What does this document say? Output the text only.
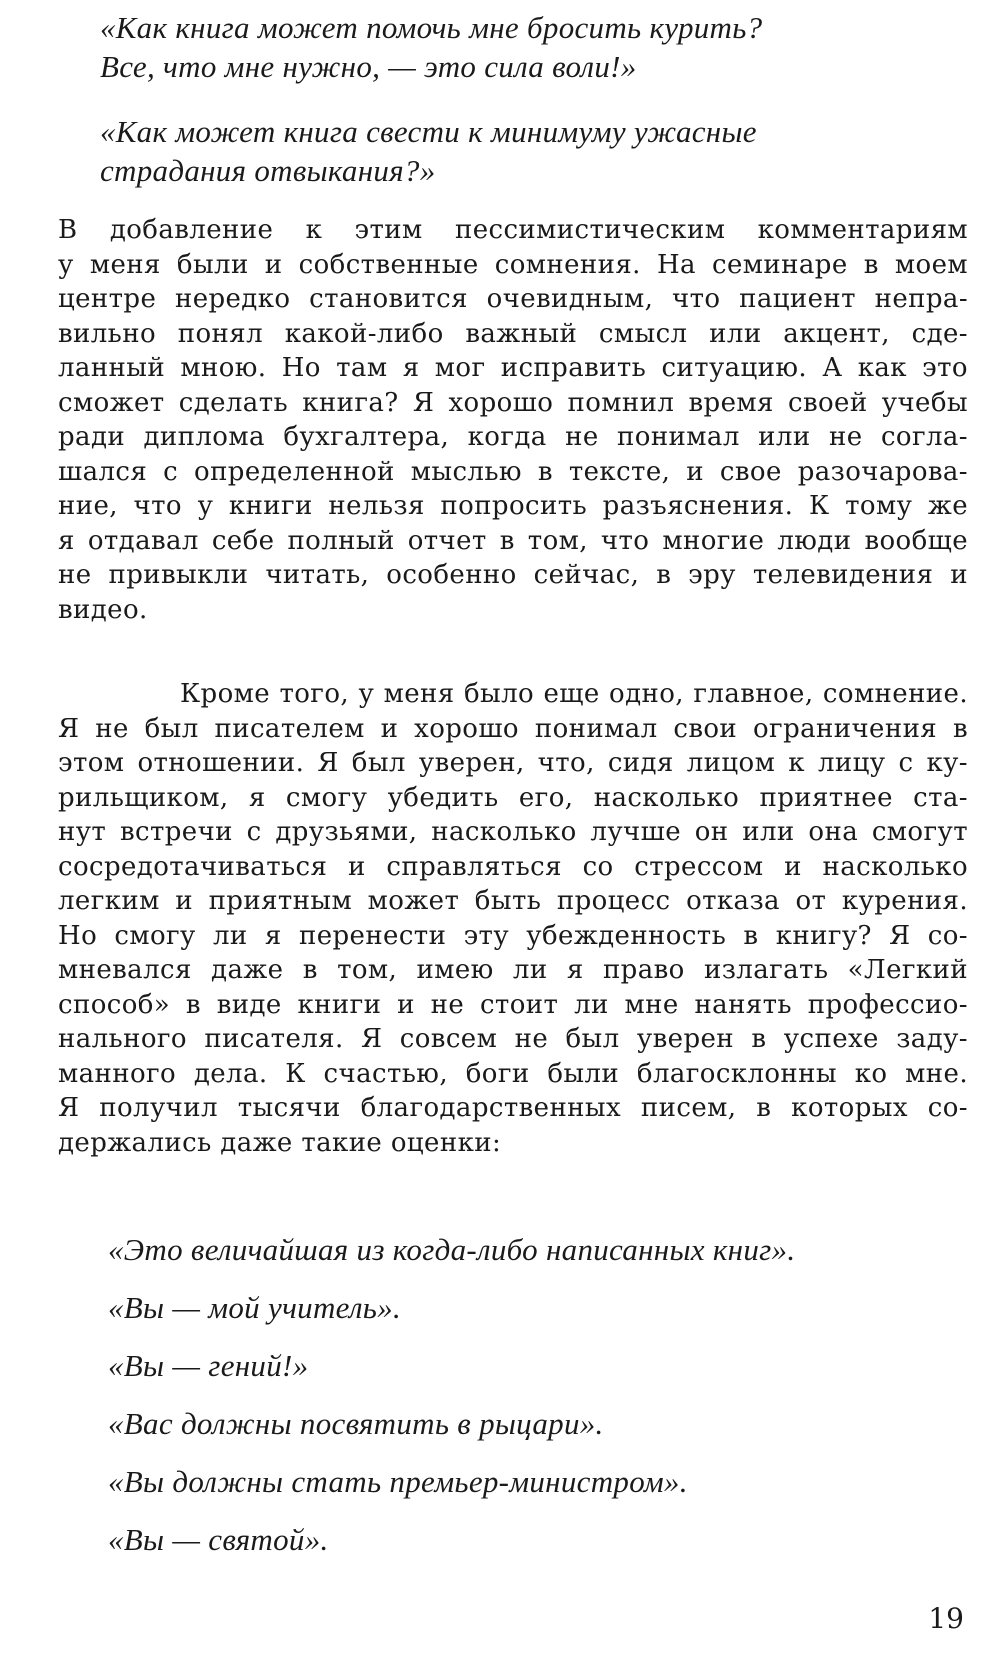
«Как книга может помочь мне бросить курить?
Все, что мне нужно, — это сила воли!»
«Как может книга свести к минимуму ужасные
страдания отвыкания?»
В добавление к этим пессимистическим комментариям
у меня были и собственные сомнения. На семинаре в моем
центре нередко становится очевидным, что пациент непра-
вильно понял какой-либо важный смысл или акцент, сде-
ланный мною. Но там я мог исправить ситуацию. А как это
сможет сделать книга? Я хорошо помнил время своей учебы
ради диплома бухгалтера, когда не понимал или не согла-
шался с определенной мыслью в тексте, и свое разочарова-
ние, что у книги нельзя попросить разъяснения. К тому же
я отдавал себе полный отчет в том, что многие люди вообще
не привыкли читать, особенно сейчас, в эру телевидения и
видео.
Кроме того, у меня было еще одно, главное, сомнение.
Я не был писателем и хорошо понимал свои ограничения в
этом отношении. Я был уверен, что, сидя лицом к лицу с ку-
рильщиком, я смогу убедить его, насколько приятнее ста-
нут встречи с друзьями, насколько лучше он или она смогут
сосредотачиваться и справляться со стрессом и насколько
легким и приятным может быть процесс отказа от курения.
Но смогу ли я перенести эту убежденность в книгу? Я со-
мневался даже в том, имею ли я право излагать «Легкий
способ» в виде книги и не стоит ли мне нанять профессио-
нального писателя. Я совсем не был уверен в успехе заду-
манного дела. К счастью, боги были благосклонны ко мне.
Я получил тысячи благодарственных писем, в которых со-
держались даже такие оценки:
«Это величайшая из когда-либо написанных книг».
«Вы — мой учитель».
«Вы — гений!»
«Вас должны посвятить в рыцари».
«Вы должны стать премьер-министром».
«Вы — святой».
19
